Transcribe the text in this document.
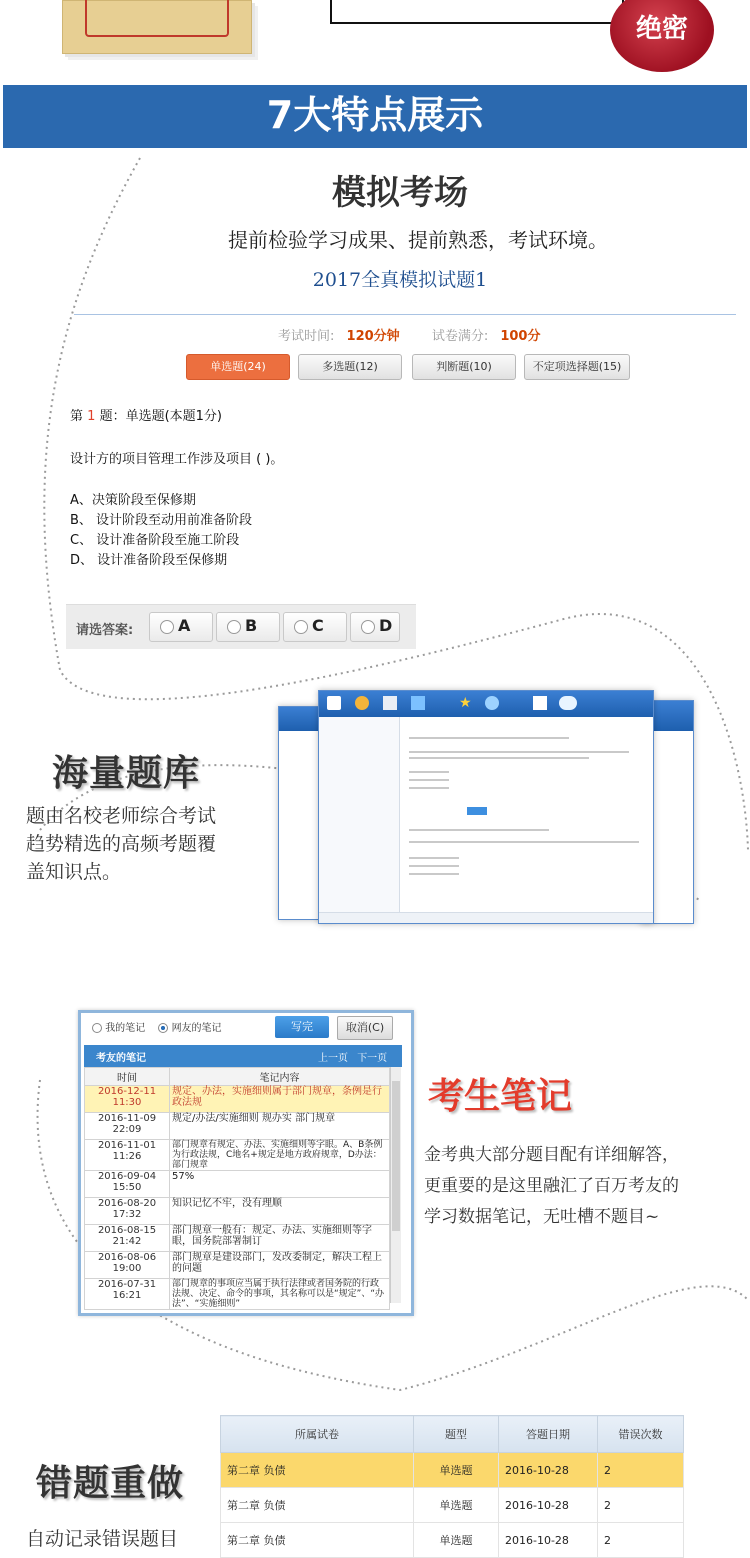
绝密
7大特点展示
模拟考场
提前检验学习成果、提前熟悉，考试环境。
2017全真模拟试题1
考试时间: 120分钟 试卷满分: 100分
单选题(24)	多选题(12)	判断题(10)	不定项选择题(15)
第 1 题：单选题(本题1分)
设计方的项目管理工作涉及项目 ( )。
A、决策阶段至保修期
B、 设计阶段至动用前准备阶段
C、 设计准备阶段至施工阶段
D、 设计准备阶段至保修期
请选答案:	A	B	C	D
海量题库
题由名校老师综合考试
趋势精选的高频考题覆
盖知识点。
★
我的笔记	网友的笔记	写完	取消(C)
考友的笔记	上一页 下一页
时间	笔记内容
2016-12-11
11:30	规定、办法，实施细则属于部门规章，条例是行政法规
2016-11-09
22:09	规定/办法/实施细则 规办实 部门规章
2016-11-01
11:26	部门规章有规定、办法、实施细则等字眼。A、B条例为行政法规，C地名+规定是地方政府规章，D办法：部门规章
2016-09-04
15:50	57%
2016-08-20
17:32	知识记忆不牢，没有理顺
2016-08-15
21:42	部门规章一般有：规定、办法、实施细则等字眼，国务院部署制订
2016-08-06
19:00	部门规章是建设部门，发改委制定，解决工程上的问题
2016-07-31
16:21	部门规章的事项应当属于执行法律或者国务院的行政法规、决定、命令的事项，其名称可以是“规定”、“办法”、“实施细则”
考生笔记
金考典大部分题目配有详细解答，
更重要的是这里融汇了百万考友的
学习数据笔记，无吐槽不题目~
错题重做
自动记录错误题目
所属试卷	题型	答题日期	错误次数
第二章 负债	单选题	2016-10-28	2
第二章 负债	单选题	2016-10-28	2
第二章 负债	单选题	2016-10-28	2
